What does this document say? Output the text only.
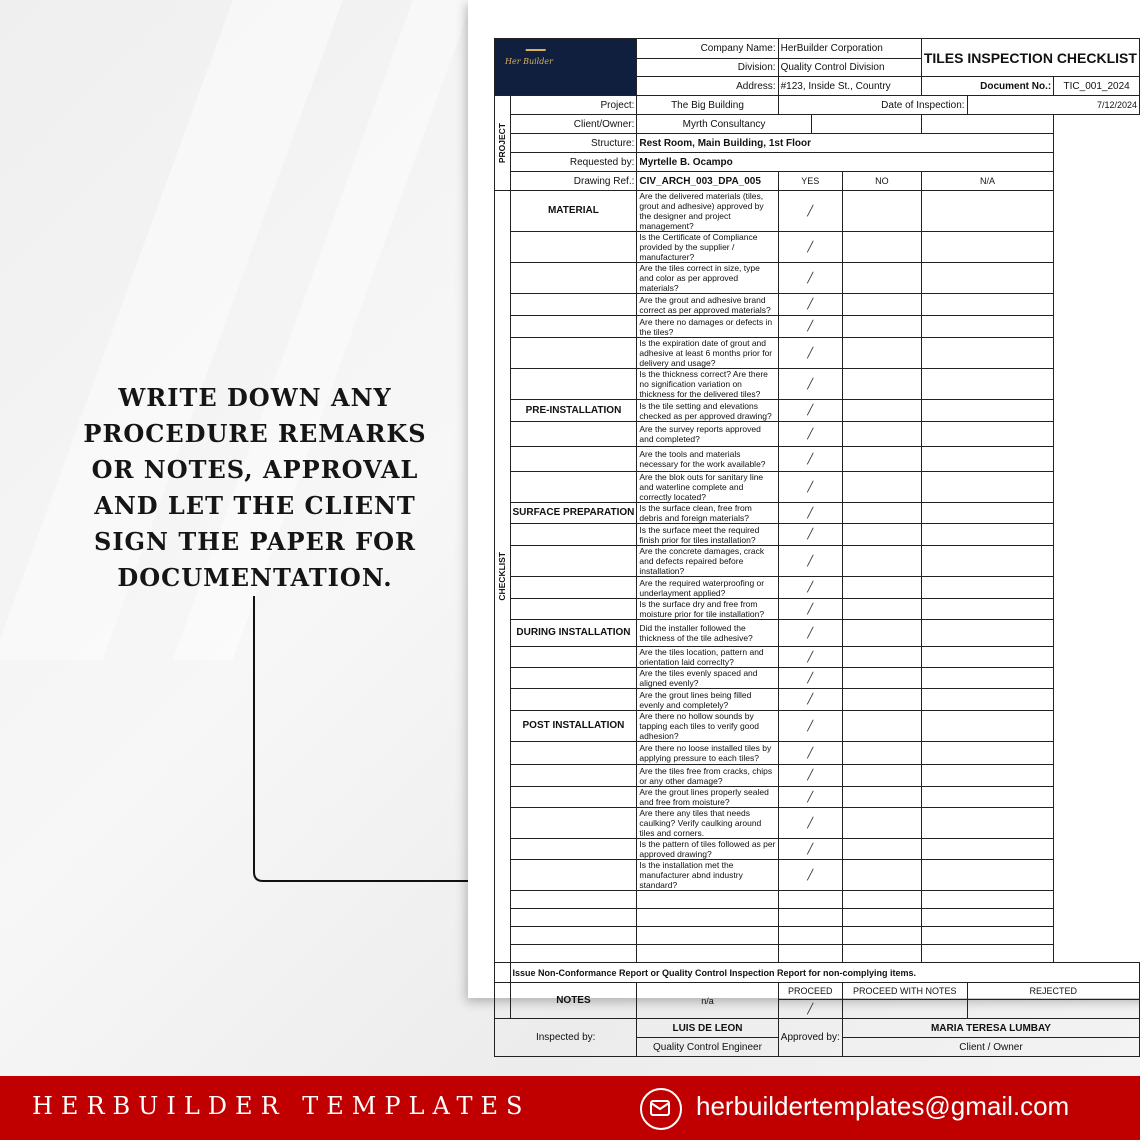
WRITE DOWN ANY PROCEDURE REMARKS OR NOTES, APPROVAL AND LET THE CLIENT SIGN THE PAPER FOR DOCUMENTATION.
Her Builder		Company Name:	HerBuilder Corporation			TILES INSPECTION CHECKLIST		
		Division:	Quality Control Division					
		Address:	#123, Inside St., Country			Document No.:		TIC_001_2024

PROJECT	Project:	The Big Building	Date of Inspection:				7/12/2024	
	Client/Owner:	Myrth Consultancy						
	Structure:	Rest Room, Main Building, 1st Floor						
	Requested by:	Myrtelle B. Ocampo						
	Drawing Ref.:	CIV_ARCH_003_DPA_005	YES		NO	N/A		

CHECKLIST	MATERIAL	Are the delivered materials (tiles, grout and adhesive) approved by the designer and project management?	╱					
		Is the Certificate of Compliance provided by the supplier / manufacturer?	╱					
		Are the tiles correct in size, type and color as per approved materials?	╱					
		Are the grout and adhesive brand correct as per approved materials?	╱					
		Are there no damages or defects in the tiles?	╱					
		Is the expiration date of grout and adhesive at least 6 months prior for delivery and usage?	╱					
		Is the thickness correct? Are there no signification variation on thickness for the delivered tiles?	╱					
	PRE-INSTALLATION	Is the tile setting and elevations checked as per approved drawing?	╱					
		Are the survey reports approved and completed?	╱					
		Are the tools and materials necessary for the work available?	╱					
		Are the blok outs for sanitary line and waterline complete and correctly located?	╱					
	SURFACE PREPARATION	Is the surface clean, free from debris and foreign materials?	╱					
		Is the surface meet the required finish prior for tiles installation?	╱					
		Are the concrete damages, crack and defects repaired before installation?	╱					
		Are the required waterproofing or underlayment applied?	╱					
		Is the surface dry and free from moisture prior for tile installation?	╱					
	DURING INSTALLATION	Did the installer followed the thickness of the tile adhesive?	╱					
		Are the tiles location, pattern and orientation laid correclty?	╱					
		Are the tiles evenly spaced and aligned evenly?	╱					
		Are the grout lines being filled evenly and completely?	╱					
	POST INSTALLATION	Are there no hollow sounds by tapping each tiles to verify good adhesion?	╱					
		Are there no loose installed tiles by applying pressure to each tiles?	╱					
		Are the tiles free from cracks, chips or any other damage?	╱					
		Are the grout lines properly sealed and free from moisture?	╱					
		Are there any tiles that needs caulking? Verify caulking around tiles and corners.	╱					
		Is the pattern of tiles followed as per approved drawing?	╱					
		Is the installation met the manufacturer abnd industry standard?	╱					

	Issue Non-Conformance Report or Quality Control Inspection Report for non-complying items.							
	NOTES	n/a	PROCEED		PROCEED WITH NOTES		REJECTED	
			╱					
Inspected by:		LUIS DE LEON	Approved by:		MARIA TERESA LUMBAY			
		Quality Control Engineer			Client / Owner			
HERBUILDER TEMPLATES	herbuildertemplates@gmail.com
